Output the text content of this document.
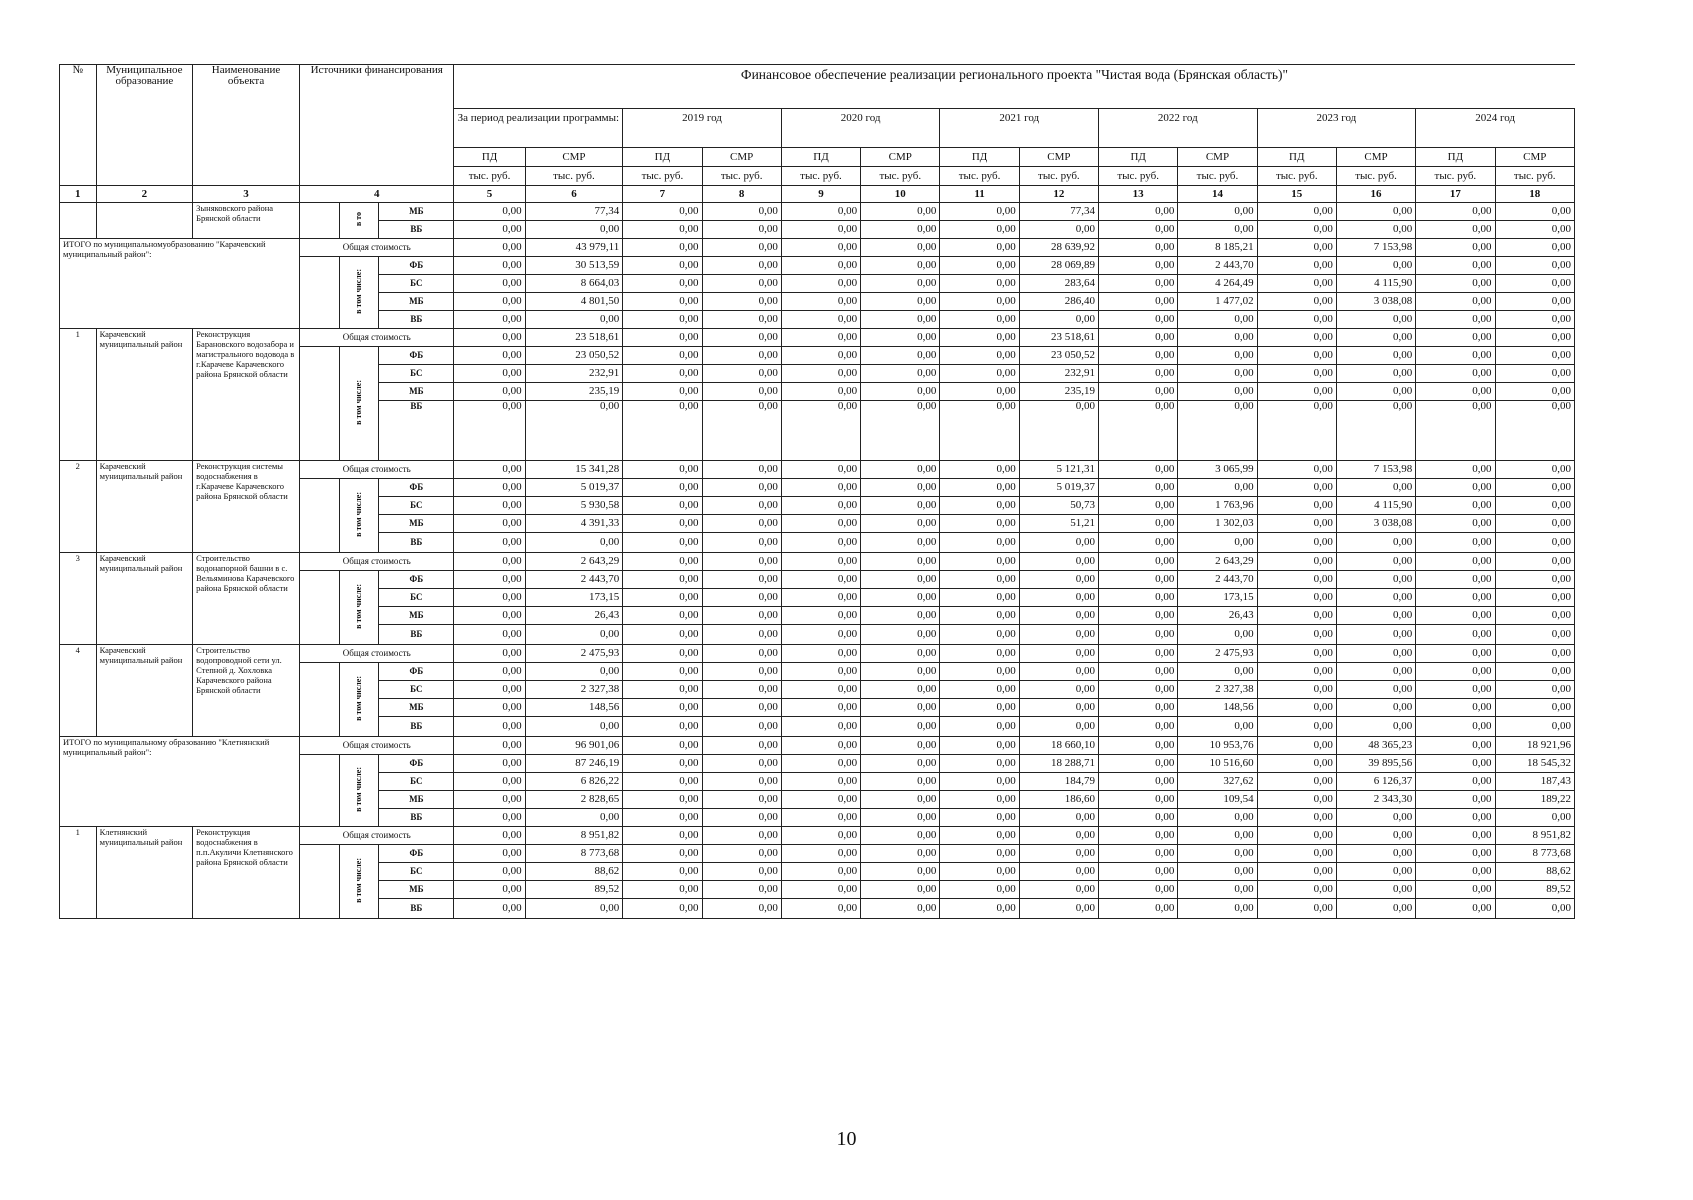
№	Муниципальное образование	Наименование объекта	Источники финансирования			Финансовое обеспечение реализации регионального проекта "Чистая вода (Брянская область)"													
						За период реализации программы:		2019 год		2020 год		2021 год		2022 год		2023 год		2024 год	
						ПД	СМР	ПД	СМР	ПД	СМР	ПД	СМР	ПД	СМР	ПД	СМР	ПД	СМР
						тыс. руб.	тыс. руб.	тыс. руб.	тыс. руб.	тыс. руб.	тыс. руб.	тыс. руб.	тыс. руб.	тыс. руб.	тыс. руб.	тыс. руб.	тыс. руб.	тыс. руб.	тыс. руб.
1	2	3	4			5	6	7	8	9	10	11	12	13	14	15	16	17	18
		Зыняковского района Брянской области		в то	МБ	0,00	77,34	0,00	0,00	0,00	0,00	0,00	77,34	0,00	0,00	0,00	0,00	0,00	0,00
					ВБ	0,00	0,00	0,00	0,00	0,00	0,00	0,00	0,00	0,00	0,00	0,00	0,00	0,00	0,00
ИТОГО по муниципальномуобразованию "Карачевский муниципальный район":			Общая стоимость			0,00	43 979,11	0,00	0,00	0,00	0,00	0,00	28 639,92	0,00	8 185,21	0,00	7 153,98	0,00	0,00
				в том числе:	ФБ	0,00	30 513,59	0,00	0,00	0,00	0,00	0,00	28 069,89	0,00	2 443,70	0,00	0,00	0,00	0,00
					БС	0,00	8 664,03	0,00	0,00	0,00	0,00	0,00	283,64	0,00	4 264,49	0,00	4 115,90	0,00	0,00
					МБ	0,00	4 801,50	0,00	0,00	0,00	0,00	0,00	286,40	0,00	1 477,02	0,00	3 038,08	0,00	0,00
					ВБ	0,00	0,00	0,00	0,00	0,00	0,00	0,00	0,00	0,00	0,00	0,00	0,00	0,00	0,00
1	Карачевский муниципальный район	Реконструкция Барановского водозабора и магистрального водовода в г.Карачеве Карачевского района Брянской области	Общая стоимость			0,00	23 518,61	0,00	0,00	0,00	0,00	0,00	23 518,61	0,00	0,00	0,00	0,00	0,00	0,00
				в том числе:	ФБ	0,00	23 050,52	0,00	0,00	0,00	0,00	0,00	23 050,52	0,00	0,00	0,00	0,00	0,00	0,00
					БС	0,00	232,91	0,00	0,00	0,00	0,00	0,00	232,91	0,00	0,00	0,00	0,00	0,00	0,00
					МБ	0,00	235,19	0,00	0,00	0,00	0,00	0,00	235,19	0,00	0,00	0,00	0,00	0,00	0,00
					ВБ	0,00	0,00	0,00	0,00	0,00	0,00	0,00	0,00	0,00	0,00	0,00	0,00	0,00	0,00
2	Карачевский муниципальный район	Реконструкция системы водоснабжения в г.Карачеве Карачевского района Брянской области	Общая стоимость			0,00	15 341,28	0,00	0,00	0,00	0,00	0,00	5 121,31	0,00	3 065,99	0,00	7 153,98	0,00	0,00
				в том числе:	ФБ	0,00	5 019,37	0,00	0,00	0,00	0,00	0,00	5 019,37	0,00	0,00	0,00	0,00	0,00	0,00
					БС	0,00	5 930,58	0,00	0,00	0,00	0,00	0,00	50,73	0,00	1 763,96	0,00	4 115,90	0,00	0,00
					МБ	0,00	4 391,33	0,00	0,00	0,00	0,00	0,00	51,21	0,00	1 302,03	0,00	3 038,08	0,00	0,00
					ВБ	0,00	0,00	0,00	0,00	0,00	0,00	0,00	0,00	0,00	0,00	0,00	0,00	0,00	0,00
3	Карачевский муниципальный район	Строительство водонапорной башни в с. Вельяминова Карачевского района Брянской области	Общая стоимость			0,00	2 643,29	0,00	0,00	0,00	0,00	0,00	0,00	0,00	2 643,29	0,00	0,00	0,00	0,00
				в том числе:	ФБ	0,00	2 443,70	0,00	0,00	0,00	0,00	0,00	0,00	0,00	2 443,70	0,00	0,00	0,00	0,00
					БС	0,00	173,15	0,00	0,00	0,00	0,00	0,00	0,00	0,00	173,15	0,00	0,00	0,00	0,00
					МБ	0,00	26,43	0,00	0,00	0,00	0,00	0,00	0,00	0,00	26,43	0,00	0,00	0,00	0,00
					ВБ	0,00	0,00	0,00	0,00	0,00	0,00	0,00	0,00	0,00	0,00	0,00	0,00	0,00	0,00
4	Карачевский муниципальный район	Строительство водопроводной сети ул. Степной д. Хохловка Карачевского района Брянской области	Общая стоимость			0,00	2 475,93	0,00	0,00	0,00	0,00	0,00	0,00	0,00	2 475,93	0,00	0,00	0,00	0,00
				в том числе:	ФБ	0,00	0,00	0,00	0,00	0,00	0,00	0,00	0,00	0,00	0,00	0,00	0,00	0,00	0,00
					БС	0,00	2 327,38	0,00	0,00	0,00	0,00	0,00	0,00	0,00	2 327,38	0,00	0,00	0,00	0,00
					МБ	0,00	148,56	0,00	0,00	0,00	0,00	0,00	0,00	0,00	148,56	0,00	0,00	0,00	0,00
					ВБ	0,00	0,00	0,00	0,00	0,00	0,00	0,00	0,00	0,00	0,00	0,00	0,00	0,00	0,00
ИТОГО по муниципальному образованию "Клетнянский муниципальный район":			Общая стоимость			0,00	96 901,06	0,00	0,00	0,00	0,00	0,00	18 660,10	0,00	10 953,76	0,00	48 365,23	0,00	18 921,96
				в том числе:	ФБ	0,00	87 246,19	0,00	0,00	0,00	0,00	0,00	18 288,71	0,00	10 516,60	0,00	39 895,56	0,00	18 545,32
					БС	0,00	6 826,22	0,00	0,00	0,00	0,00	0,00	184,79	0,00	327,62	0,00	6 126,37	0,00	187,43
					МБ	0,00	2 828,65	0,00	0,00	0,00	0,00	0,00	186,60	0,00	109,54	0,00	2 343,30	0,00	189,22
					ВБ	0,00	0,00	0,00	0,00	0,00	0,00	0,00	0,00	0,00	0,00	0,00	0,00	0,00	0,00
1	Клетнянский муниципальный район	Реконструкция водоснабжения в п.п.Акуличи Клетнянского района Брянской области	Общая стоимость			0,00	8 951,82	0,00	0,00	0,00	0,00	0,00	0,00	0,00	0,00	0,00	0,00	0,00	8 951,82
				в том числе:	ФБ	0,00	8 773,68	0,00	0,00	0,00	0,00	0,00	0,00	0,00	0,00	0,00	0,00	0,00	8 773,68
					БС	0,00	88,62	0,00	0,00	0,00	0,00	0,00	0,00	0,00	0,00	0,00	0,00	0,00	88,62
					МБ	0,00	89,52	0,00	0,00	0,00	0,00	0,00	0,00	0,00	0,00	0,00	0,00	0,00	89,52
					ВБ	0,00	0,00	0,00	0,00	0,00	0,00	0,00	0,00	0,00	0,00	0,00	0,00	0,00	0,00
10
